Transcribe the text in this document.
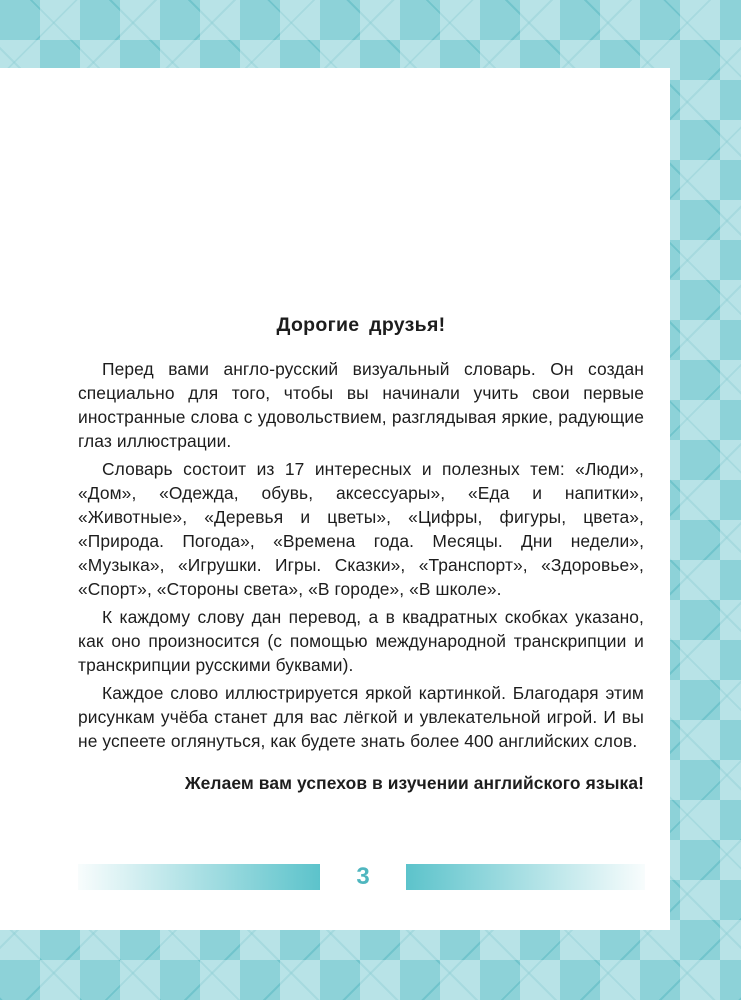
Дорогие друзья!

Перед вами англо-русский визуальный словарь. Он создан специально для того, чтобы вы начинали учить свои первые иностранные слова с удовольствием, разглядывая яркие, радующие глаз иллюстрации.

Словарь состоит из 17 интересных и полезных тем: «Люди», «Дом», «Одежда, обувь, аксессуары», «Еда и напитки», «Животные», «Деревья и цветы», «Цифры, фигуры, цвета», «Природа. Погода», «Времена года. Месяцы. Дни недели», «Музыка», «Игрушки. Игры. Сказки», «Транспорт», «Здоровье», «Спорт», «Стороны света», «В городе», «В школе».

К каждому слову дан перевод, а в квадратных скобках указано, как оно произносится (с помощью международной транскрипции и транскрипции русскими буквами).

Каждое слово иллюстрируется яркой картинкой. Благодаря этим рисункам учёба станет для вас лёгкой и увлекательной игрой. И вы не успеете оглянуться, как будете знать более 400 английских слов.

Желаем вам успехов в изучении английского языка!
3
